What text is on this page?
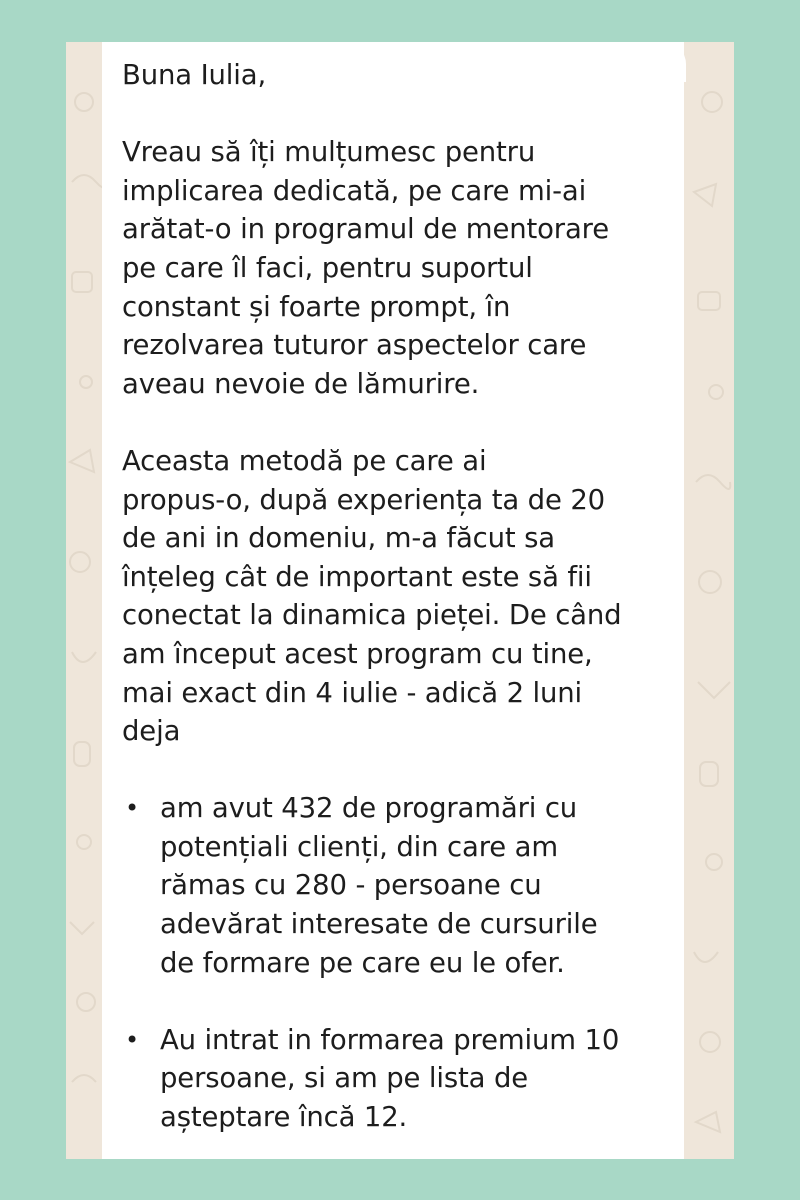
Buna Iulia,
Vreau să îți mulțumesc pentru
implicarea dedicată, pe care mi-ai
arătat-o in programul de mentorare
pe care îl faci, pentru suportul
constant și foarte prompt, în
rezolvarea tuturor aspectelor care
aveau nevoie de lămurire.
Aceasta metodă pe care ai
propus-o, după experiența ta de 20
de ani in domeniu, m-a făcut sa
înțeleg cât de important este să fii
conectat la dinamica pieței. De când
am început acest program cu tine,
mai exact din 4 iulie - adică 2 luni
deja
• am avut 432 de programări cu
potențiali clienți, din care am
rămas cu 280 - persoane cu
adevărat interesate de cursurile
de formare pe care eu le ofer.
• Au intrat in formarea premium 10
persoane, si am pe lista de
așteptare încă 12.
